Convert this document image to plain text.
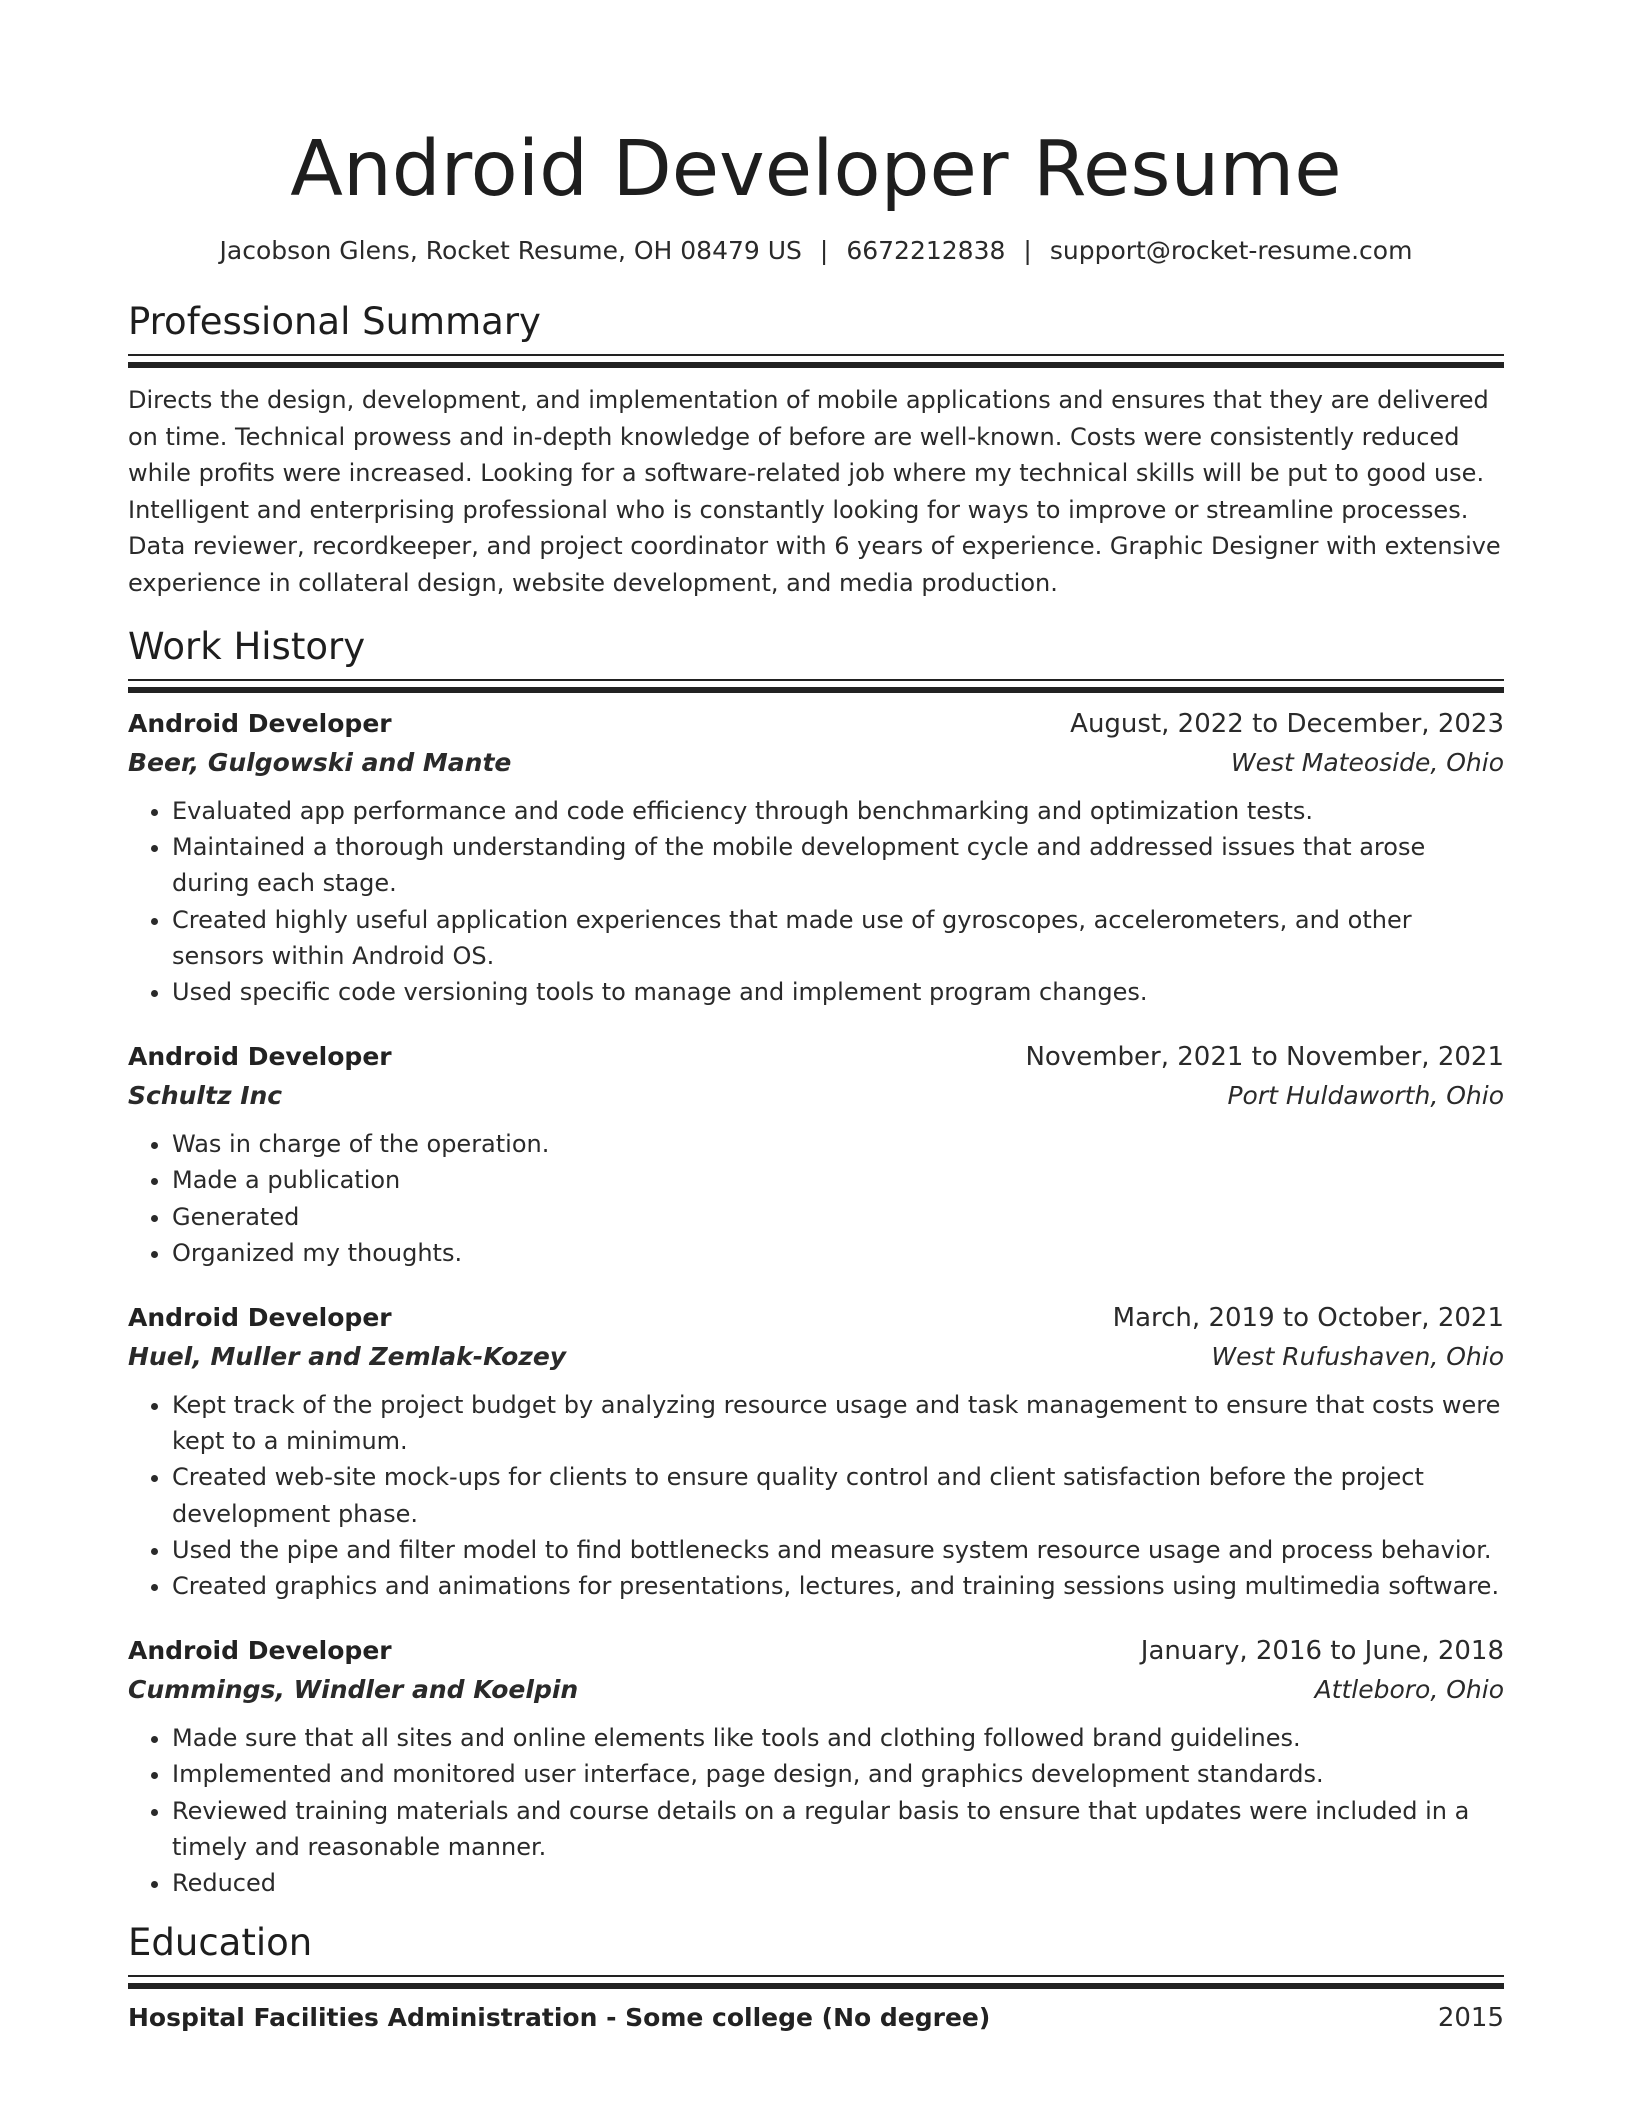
Android Developer Resume
Jacobson Glens, Rocket Resume, OH 08479 US | 6672212838 | support@rocket-resume.com
Professional Summary

Directs the design, development, and implementation of mobile applications and ensures that they are delivered on time. Technical prowess and in-depth knowledge of before are well-known. Costs were consistently reduced while profits were increased. Looking for a software-related job where my technical skills will be put to good use. Intelligent and enterprising professional who is constantly looking for ways to improve or streamline processes. Data reviewer, recordkeeper, and project coordinator with 6 years of experience. Graphic Designer with extensive experience in collateral design, website development, and media production.

Work History
Android Developer	August, 2022 to December, 2023
Beer, Gulgowski and Mante	West Mateoside, Ohio
• Evaluated app performance and code efficiency through benchmarking and optimization tests.
• Maintained a thorough understanding of the mobile development cycle and addressed issues that arose during each stage.
• Created highly useful application experiences that made use of gyroscopes, accelerometers, and other sensors within Android OS.
• Used specific code versioning tools to manage and implement program changes.
Android Developer	November, 2021 to November, 2021
Schultz Inc	Port Huldaworth, Ohio
• Was in charge of the operation.
• Made a publication
• Generated
• Organized my thoughts.
Android Developer	March, 2019 to October, 2021
Huel, Muller and Zemlak-Kozey	West Rufushaven, Ohio
• Kept track of the project budget by analyzing resource usage and task management to ensure that costs were kept to a minimum.
• Created web-site mock-ups for clients to ensure quality control and client satisfaction before the project development phase.
• Used the pipe and filter model to find bottlenecks and measure system resource usage and process behavior.
• Created graphics and animations for presentations, lectures, and training sessions using multimedia software.
Android Developer	January, 2016 to June, 2018
Cummings, Windler and Koelpin	Attleboro, Ohio
• Made sure that all sites and online elements like tools and clothing followed brand guidelines.
• Implemented and monitored user interface, page design, and graphics development standards.
• Reviewed training materials and course details on a regular basis to ensure that updates were included in a timely and reasonable manner.
• Reduced
Education
Hospital Facilities Administration - Some college (No degree)	2015
